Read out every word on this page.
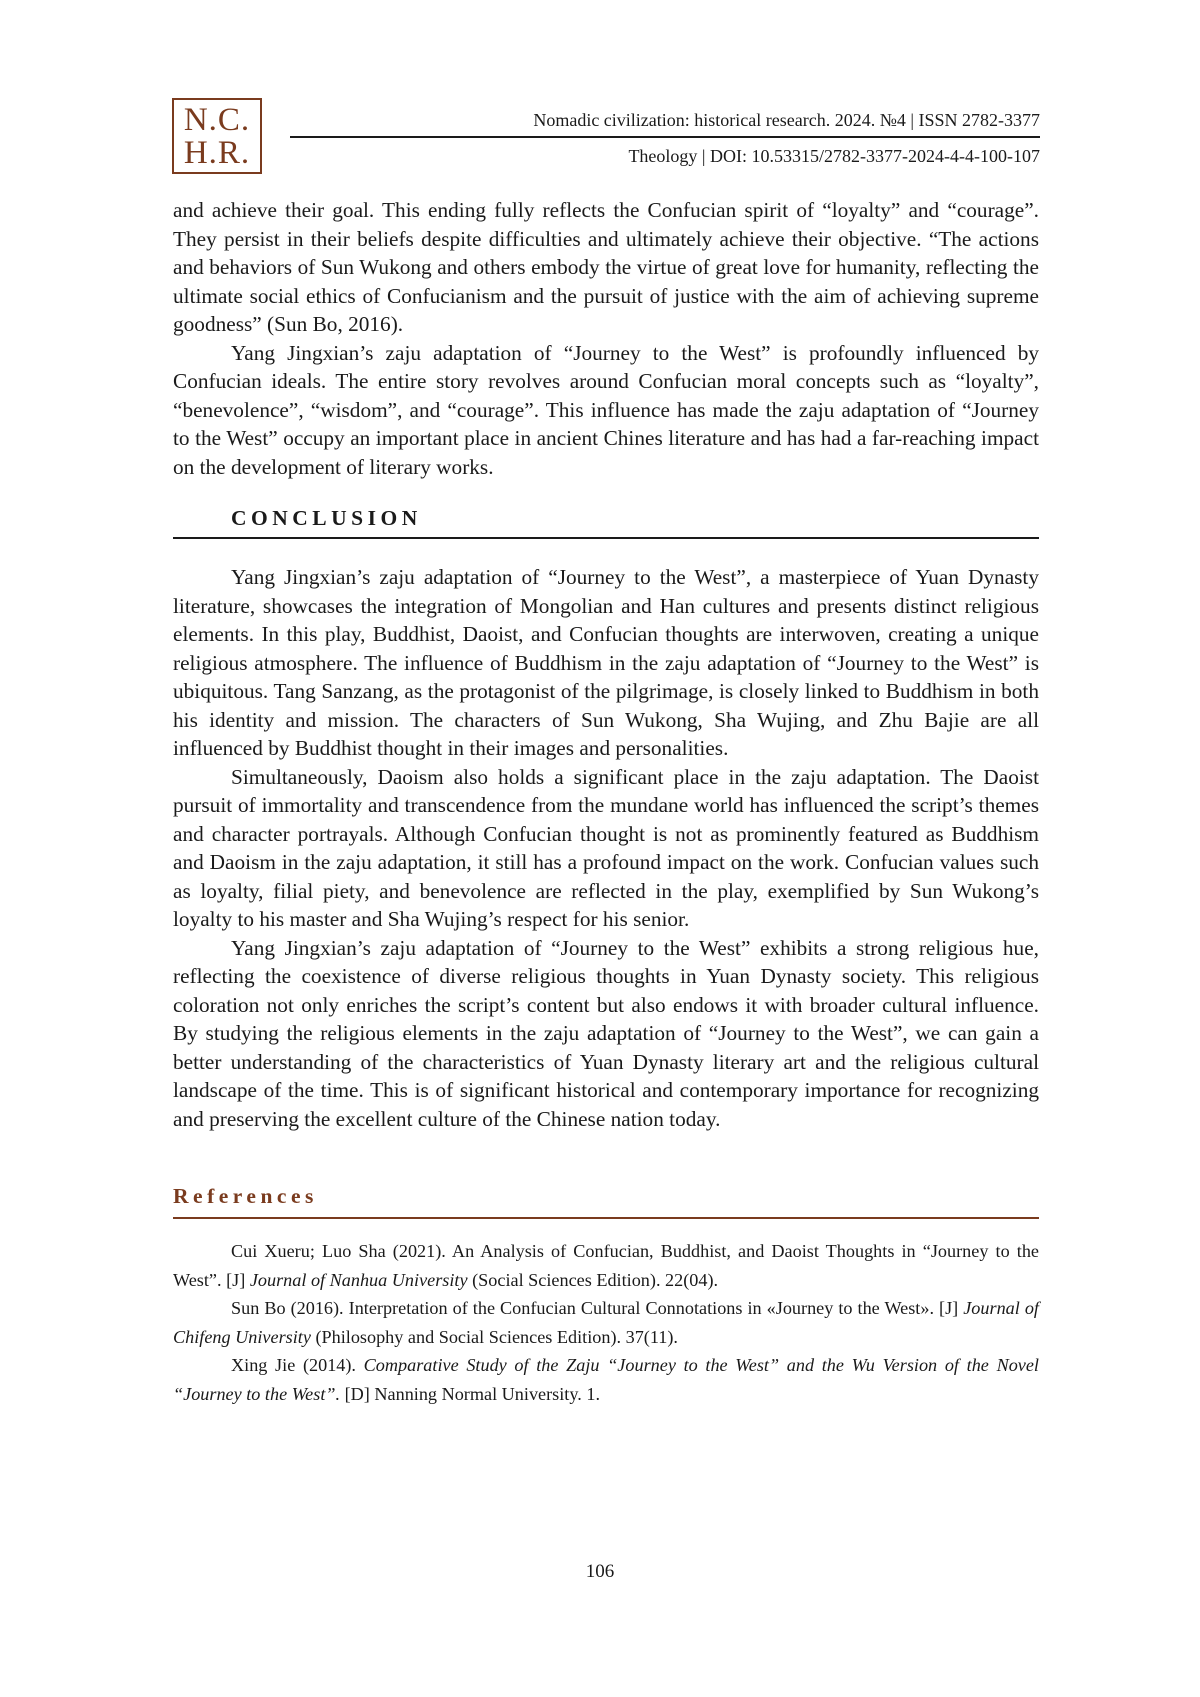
N.C.
H.R.
Nomadic civilization: historical research. 2024. №4 | ISSN 2782-3377
Theology | DOI: 10.53315/2782-3377-2024-4-4-100-107

and achieve their goal. This ending fully reflects the Confucian spirit of “loyalty” and “courage”. They persist in their beliefs despite difficulties and ultimately achieve their objective. “The actions and behaviors of Sun Wukong and others embody the virtue of great love for humanity, reflecting the ultimate social ethics of Confucianism and the pursuit of justice with the aim of achieving supreme goodness” (Sun Bo, 2016).

Yang Jingxian’s zaju adaptation of “Journey to the West” is profoundly influenced by Confucian ideals. The entire story revolves around Confucian moral concepts such as “loyalty”, “benevolence”, “wisdom”, and “courage”. This influence has made the zaju adaptation of “Journey to the West” occupy an important place in ancient Chines literature and has had a far-reaching impact on the development of literary works.

CONCLUSION

Yang Jingxian’s zaju adaptation of “Journey to the West”, a masterpiece of Yuan Dynasty literature, showcases the integration of Mongolian and Han cultures and presents distinct religious elements. In this play, Buddhist, Daoist, and Confucian thoughts are interwoven, creating a unique religious atmosphere. The influence of Buddhism in the zaju adaptation of “Journey to the West” is ubiquitous. Tang Sanzang, as the protagonist of the pilgrimage, is closely linked to Buddhism in both his identity and mission. The characters of Sun Wukong, Sha Wujing, and Zhu Bajie are all influenced by Buddhist thought in their images and personalities.

Simultaneously, Daoism also holds a significant place in the zaju adaptation. The Daoist pursuit of immortality and transcendence from the mundane world has influenced the script’s themes and character portrayals. Although Confucian thought is not as prominently featured as Buddhism and Daoism in the zaju adaptation, it still has a profound impact on the work. Confucian values such as loyalty, filial piety, and benevolence are reflected in the play, exemplified by Sun Wukong’s loyalty to his master and Sha Wujing’s respect for his senior.

Yang Jingxian’s zaju adaptation of “Journey to the West” exhibits a strong religious hue, reflecting the coexistence of diverse religious thoughts in Yuan Dynasty society. This religious coloration not only enriches the script’s content but also endows it with broader cultural influence. By studying the religious elements in the zaju adaptation of “Journey to the West”, we can gain a better understanding of the characteristics of Yuan Dynasty literary art and the religious cultural landscape of the time. This is of significant historical and contemporary importance for recognizing and preserving the excellent culture of the Chinese nation today.

References

Cui Xueru; Luo Sha (2021). An Analysis of Confucian, Buddhist, and Daoist Thoughts in “Journey to the West”. [J] Journal of Nanhua University (Social Sciences Edition). 22(04).

Sun Bo (2016). Interpretation of the Confucian Cultural Connotations in «Journey to the West». [J] Journal of Chifeng University (Philosophy and Social Sciences Edition). 37(11).

Xing Jie (2014). Comparative Study of the Zaju “Journey to the West” and the Wu Version of the Novel “Journey to the West”. [D] Nanning Normal University. 1.

106
